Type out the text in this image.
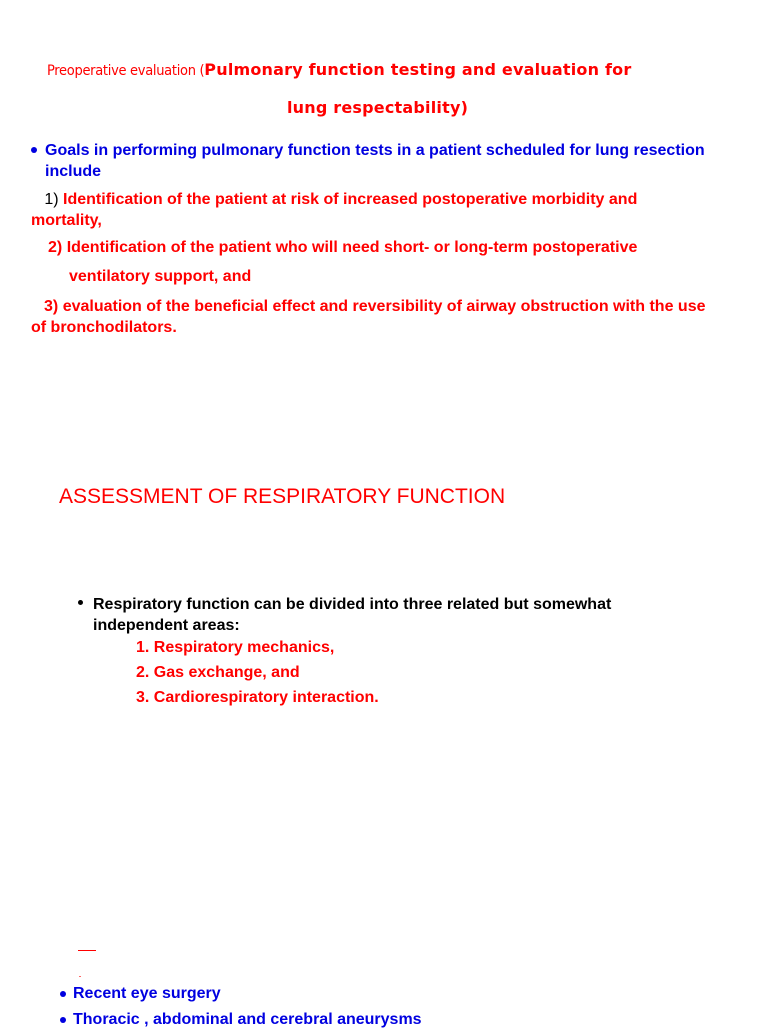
Preoperative evaluation (Pulmonary function testing and evaluation for
lung respectability)
Goals in performing pulmonary function tests in a patient scheduled for lung resection
include
1) Identification of the patient at risk of increased postoperative morbidity and
mortality,
2) Identification of the patient who will need short- or long-term postoperative
ventilatory support, and
3) evaluation of the beneficial effect and reversibility of airway obstruction with the use
of bronchodilators.
ASSESSMENT OF RESPIRATORY FUNCTION
Respiratory function can be divided into three related but somewhat
independent areas:
1. Respiratory mechanics,
2. Gas exchange, and
3. Cardiorespiratory interaction.
Recent eye surgery
Thoracic , abdominal and cerebral aneurysms
